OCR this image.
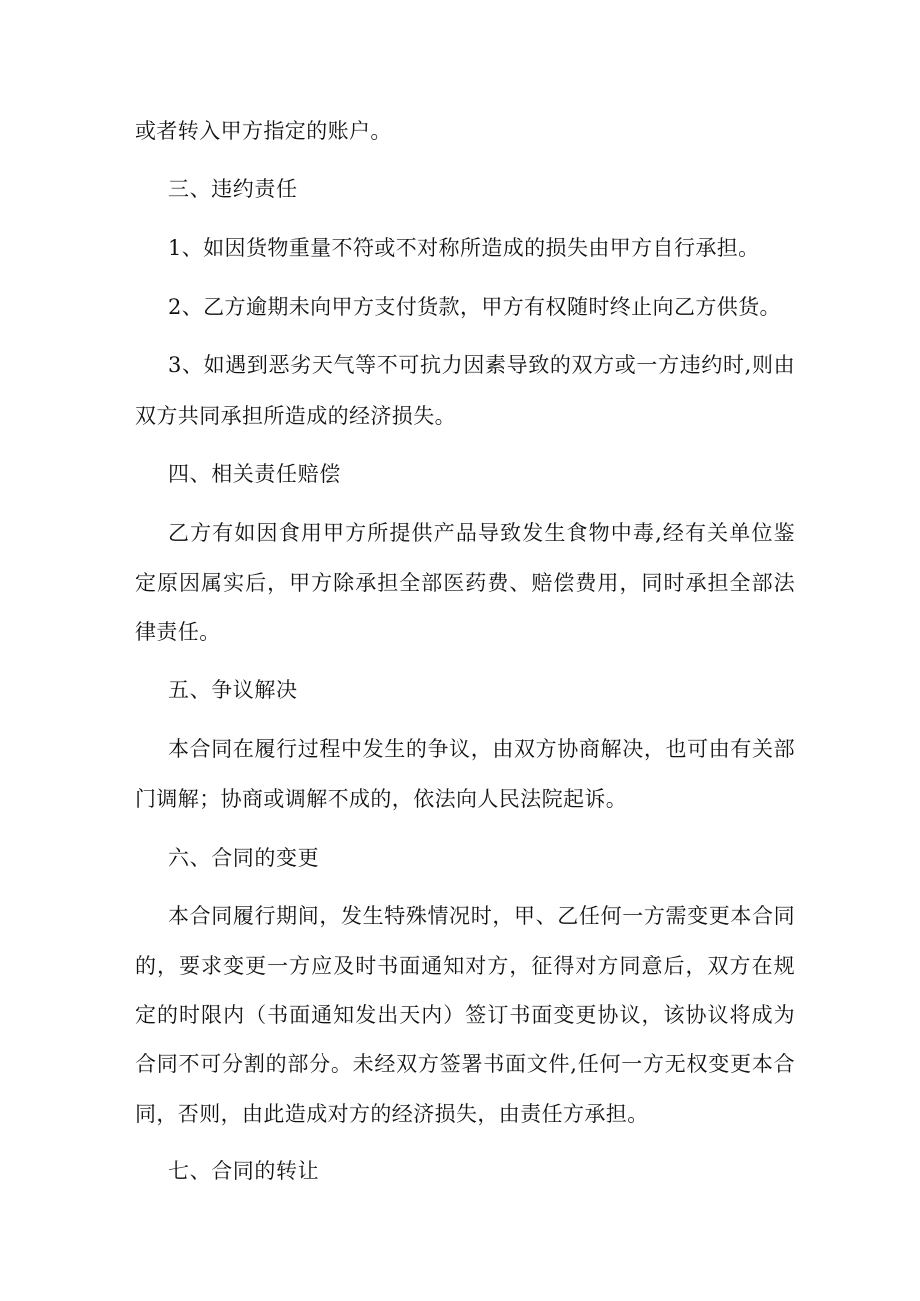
或者转入甲方指定的账户。
三、违约责任
1、如因货物重量不符或不对称所造成的损失由甲方自行承担。
2、乙方逾期未向甲方支付货款，甲方有权随时终止向乙方供货。
3、如遇到恶劣天气等不可抗力因素导致的双方或一方违约时,则由
双方共同承担所造成的经济损失。
四、相关责任赔偿
乙方有如因食用甲方所提供产品导致发生食物中毒,经有关单位鉴
定原因属实后，甲方除承担全部医药费、赔偿费用，同时承担全部法
律责任。
五、争议解决
本合同在履行过程中发生的争议，由双方协商解决，也可由有关部
门调解；协商或调解不成的，依法向人民法院起诉。
六、合同的变更
本合同履行期间，发生特殊情况时，甲、乙任何一方需变更本合同
的，要求变更一方应及时书面通知对方，征得对方同意后，双方在规
定的时限内（书面通知发出天内）签订书面变更协议，该协议将成为
合同不可分割的部分。未经双方签署书面文件,任何一方无权变更本合
同，否则，由此造成对方的经济损失，由责任方承担。
七、合同的转让
